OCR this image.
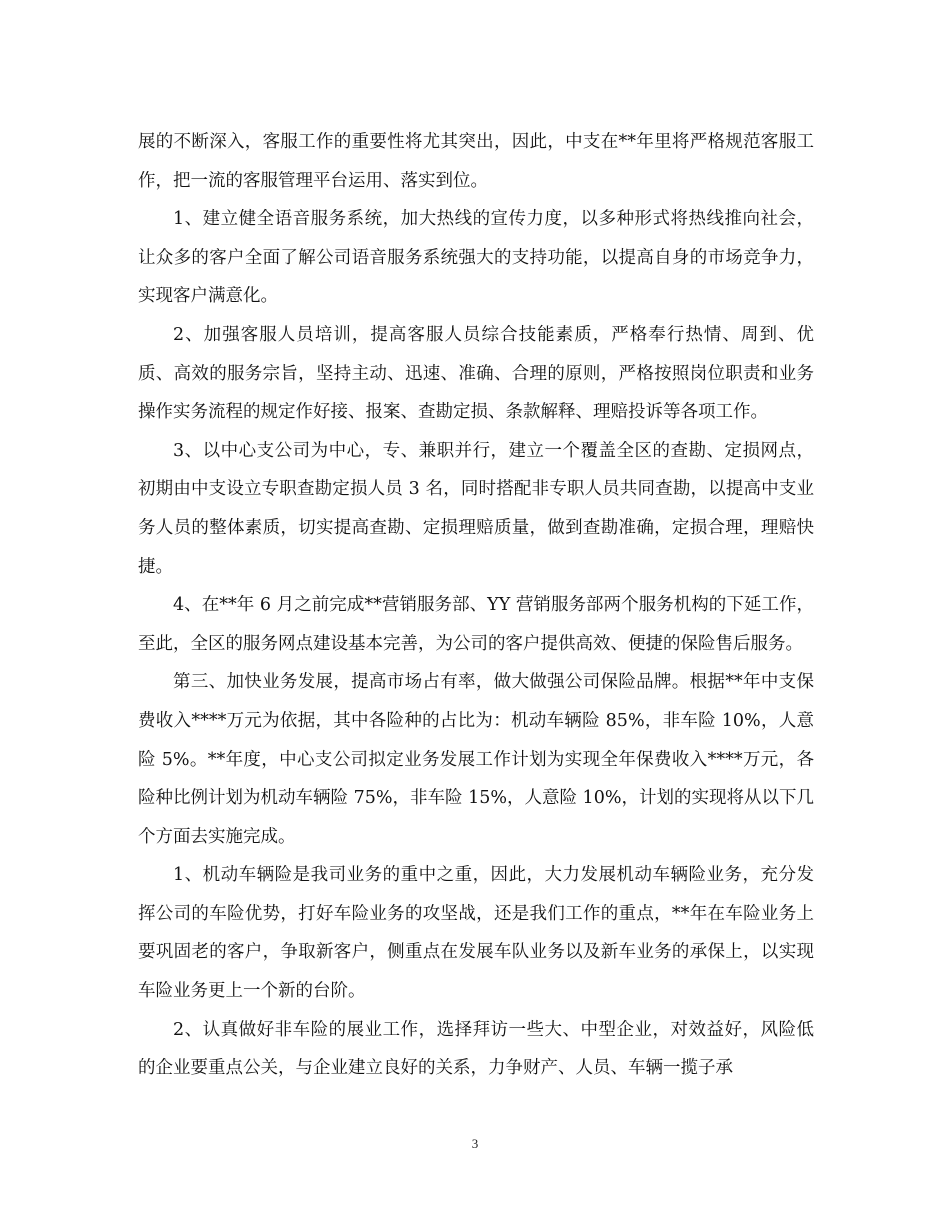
展的不断深入，客服工作的重要性将尤其突出，因此，中支在**年里将严格规范客服工作，把一流的客服管理平台运用、落实到位。

1、建立健全语音服务系统，加大热线的宣传力度，以多种形式将热线推向社会，让众多的客户全面了解公司语音服务系统强大的支持功能，以提高自身的市场竞争力，实现客户满意化。

2、加强客服人员培训，提高客服人员综合技能素质，严格奉行热情、周到、优质、高效的服务宗旨，坚持主动、迅速、准确、合理的原则，严格按照岗位职责和业务操作实务流程的规定作好接、报案、查勘定损、条款解释、理赔投诉等各项工作。

3、以中心支公司为中心，专、兼职并行，建立一个覆盖全区的查勘、定损网点，初期由中支设立专职查勘定损人员 3 名，同时搭配非专职人员共同查勘，以提高中支业务人员的整体素质，切实提高查勘、定损理赔质量，做到查勘准确，定损合理，理赔快捷。

4、在**年 6 月之前完成**营销服务部、YY 营销服务部两个服务机构的下延工作，至此，全区的服务网点建设基本完善，为公司的客户提供高效、便捷的保险售后服务。

第三、加快业务发展，提高市场占有率，做大做强公司保险品牌。根据**年中支保费收入****万元为依据，其中各险种的占比为：机动车辆险 85%，非车险 10%，人意险 5%。**年度，中心支公司拟定业务发展工作计划为实现全年保费收入****万元，各险种比例计划为机动车辆险 75%，非车险 15%，人意险 10%，计划的实现将从以下几个方面去实施完成。

1、机动车辆险是我司业务的重中之重，因此，大力发展机动车辆险业务，充分发挥公司的车险优势，打好车险业务的攻坚战，还是我们工作的重点，**年在车险业务上要巩固老的客户，争取新客户，侧重点在发展车队业务以及新车业务的承保上，以实现车险业务更上一个新的台阶。

2、认真做好非车险的展业工作，选择拜访一些大、中型企业，对效益好，风险低的企业要重点公关，与企业建立良好的关系，力争财产、人员、车辆一揽子承

3
